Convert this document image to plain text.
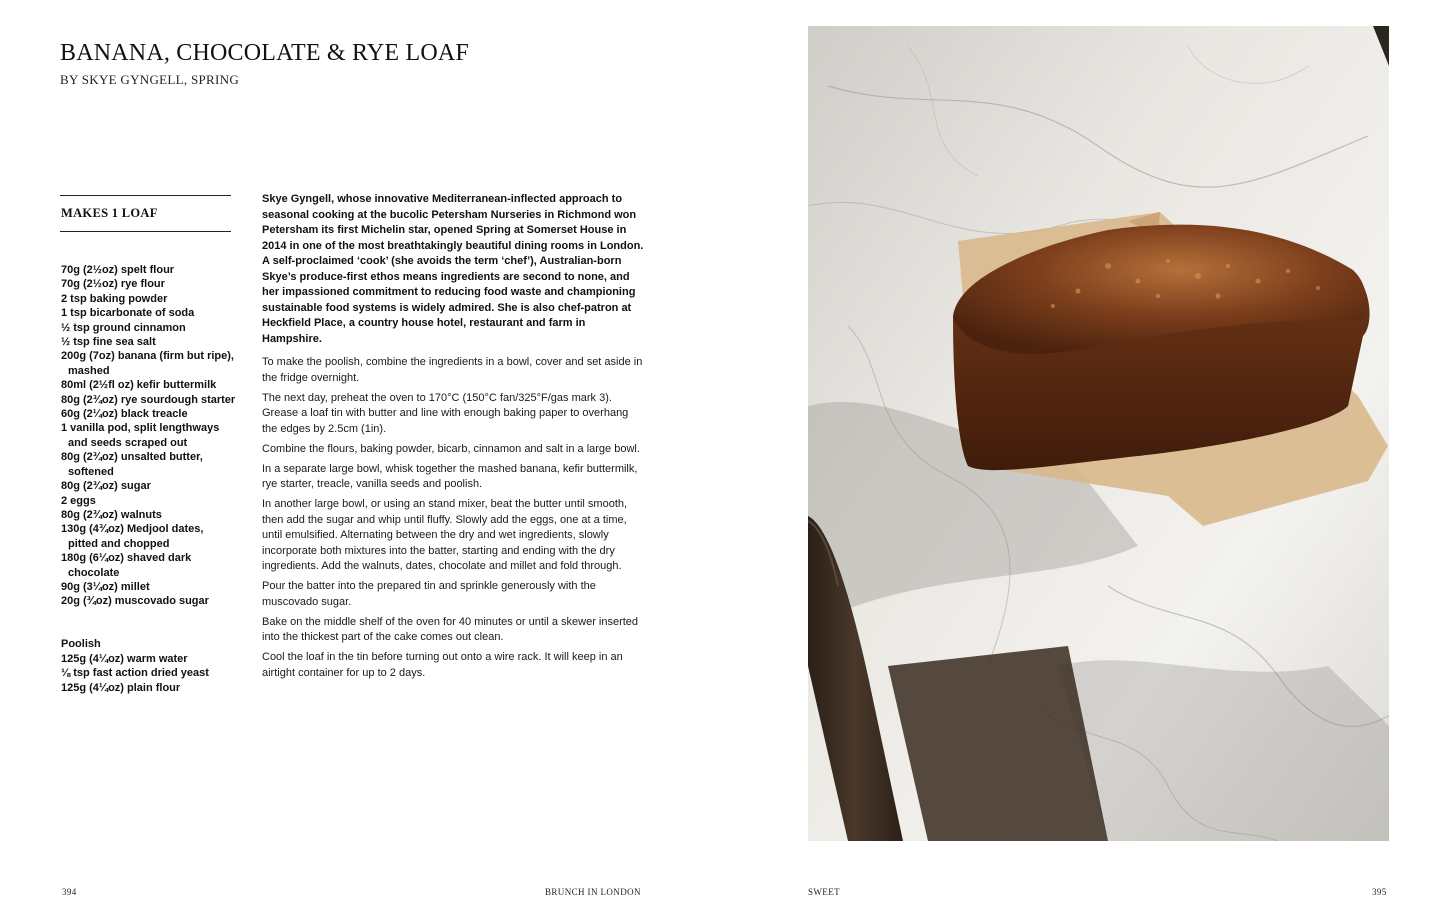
BANANA, CHOCOLATE & RYE LOAF
BY SKYE GYNGELL, SPRING
MAKES 1 LOAF
70g (2½oz) spelt flour
70g (2½oz) rye flour
2 tsp baking powder
1 tsp bicarbonate of soda
½ tsp ground cinnamon
½ tsp fine sea salt
200g (7oz) banana (firm but ripe), mashed
80ml (2½fl oz) kefir buttermilk
80g (2¾oz) rye sourdough starter
60g (2¼oz) black treacle
1 vanilla pod, split lengthways and seeds scraped out
80g (2¾oz) unsalted butter, softened
80g (2¾oz) sugar
2 eggs
80g (2¾oz) walnuts
130g (4¾oz) Medjool dates, pitted and chopped
180g (6¼oz) shaved dark chocolate
90g (3¼oz) millet
20g (¾oz) muscovado sugar
Poolish
125g (4¼oz) warm water
⅛ tsp fast action dried yeast
125g (4¼oz) plain flour

Skye Gyngell, whose innovative Mediterranean-inflected approach to seasonal cooking at the bucolic Petersham Nurseries in Richmond won Petersham its first Michelin star, opened Spring at Somerset House in 2014 in one of the most breathtakingly beautiful dining rooms in London. A self-proclaimed ‘cook’ (she avoids the term ‘chef’), Australian-born Skye’s produce-first ethos means ingredients are second to none, and her impassioned commitment to reducing food waste and championing sustainable food systems is widely admired. She is also chef-patron at Heckfield Place, a country house hotel, restaurant and farm in Hampshire.

To make the poolish, combine the ingredients in a bowl, cover and set aside in the fridge overnight.

The next day, preheat the oven to 170°C (150°C fan/325°F/gas mark 3). Grease a loaf tin with butter and line with enough baking paper to overhang the edges by 2.5cm (1in).

Combine the flours, baking powder, bicarb, cinnamon and salt in a large bowl.

In a separate large bowl, whisk together the mashed banana, kefir buttermilk, rye starter, treacle, vanilla seeds and poolish.

In another large bowl, or using an stand mixer, beat the butter until smooth, then add the sugar and whip until fluffy. Slowly add the eggs, one at a time, until emulsified. Alternating between the dry and wet ingredients, slowly incorporate both mixtures into the batter, starting and ending with the dry ingredients. Add the walnuts, dates, chocolate and millet and fold through.

Pour the batter into the prepared tin and sprinkle generously with the muscovado sugar.

Bake on the middle shelf of the oven for 40 minutes or until a skewer inserted into the thickest part of the cake comes out clean.

Cool the loaf in the tin before turning out onto a wire rack. It will keep in an airtight container for up to 2 days.

394	BRUNCH IN LONDON	SWEET	395
